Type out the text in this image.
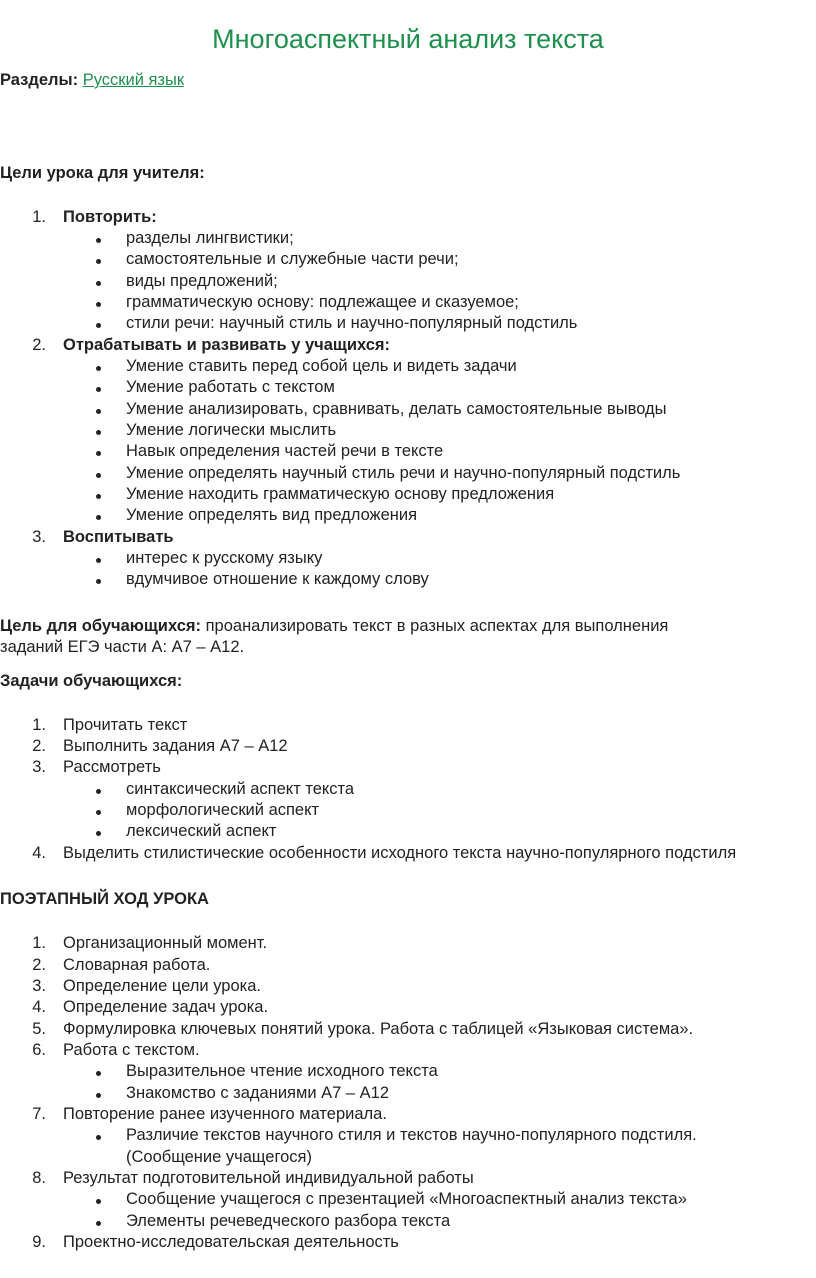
Многоаспектный анализ текста
Разделы: Русский язык
Цели урока для учителя:
1. Повторить:
разделы лингвистики;
самостоятельные и служебные части речи;
виды предложений;
грамматическую основу: подлежащее и сказуемое;
стили речи: научный стиль и научно-популярный подстиль
2. Отрабатывать и развивать у учащихся:
Умение ставить перед собой цель и видеть задачи
Умение работать с текстом
Умение анализировать, сравнивать, делать самостоятельные выводы
Умение логически мыслить
Навык определения частей речи в тексте
Умение определять научный стиль речи и научно-популярный подстиль
Умение находить грамматическую основу предложения
Умение определять вид предложения
3. Воспитывать
интерес к русскому языку
вдумчивое отношение к каждому слову
Цель для обучающихся: проанализировать текст в разных аспектах для выполнения
заданий ЕГЭ части А: А7 – А12.
Задачи обучающихся:
1. Прочитать текст
2. Выполнить задания А7 – А12
3. Рассмотреть
синтаксический аспект текста
морфологический аспект
лексический аспект
4. Выделить стилистические особенности исходного текста научно-популярного подстиля
ПОЭТАПНЫЙ ХОД УРОКА
1. Организационный момент.
2. Словарная работа.
3. Определение цели урока.
4. Определение задач урока.
5. Формулировка ключевых понятий урока. Работа с таблицей «Языковая система».
6. Работа с текстом.
Выразительное чтение исходного текста
Знакомство с заданиями А7 – А12
7. Повторение ранее изученного материала.
Различие текстов научного стиля и текстов научно-популярного подстиля.
(Сообщение учащегося)
8. Результат подготовительной индивидуальной работы
Сообщение учащегося с презентацией «Многоаспектный анализ текста»
Элементы речеведческого разбора текста
9. Проектно-исследовательская деятельность
